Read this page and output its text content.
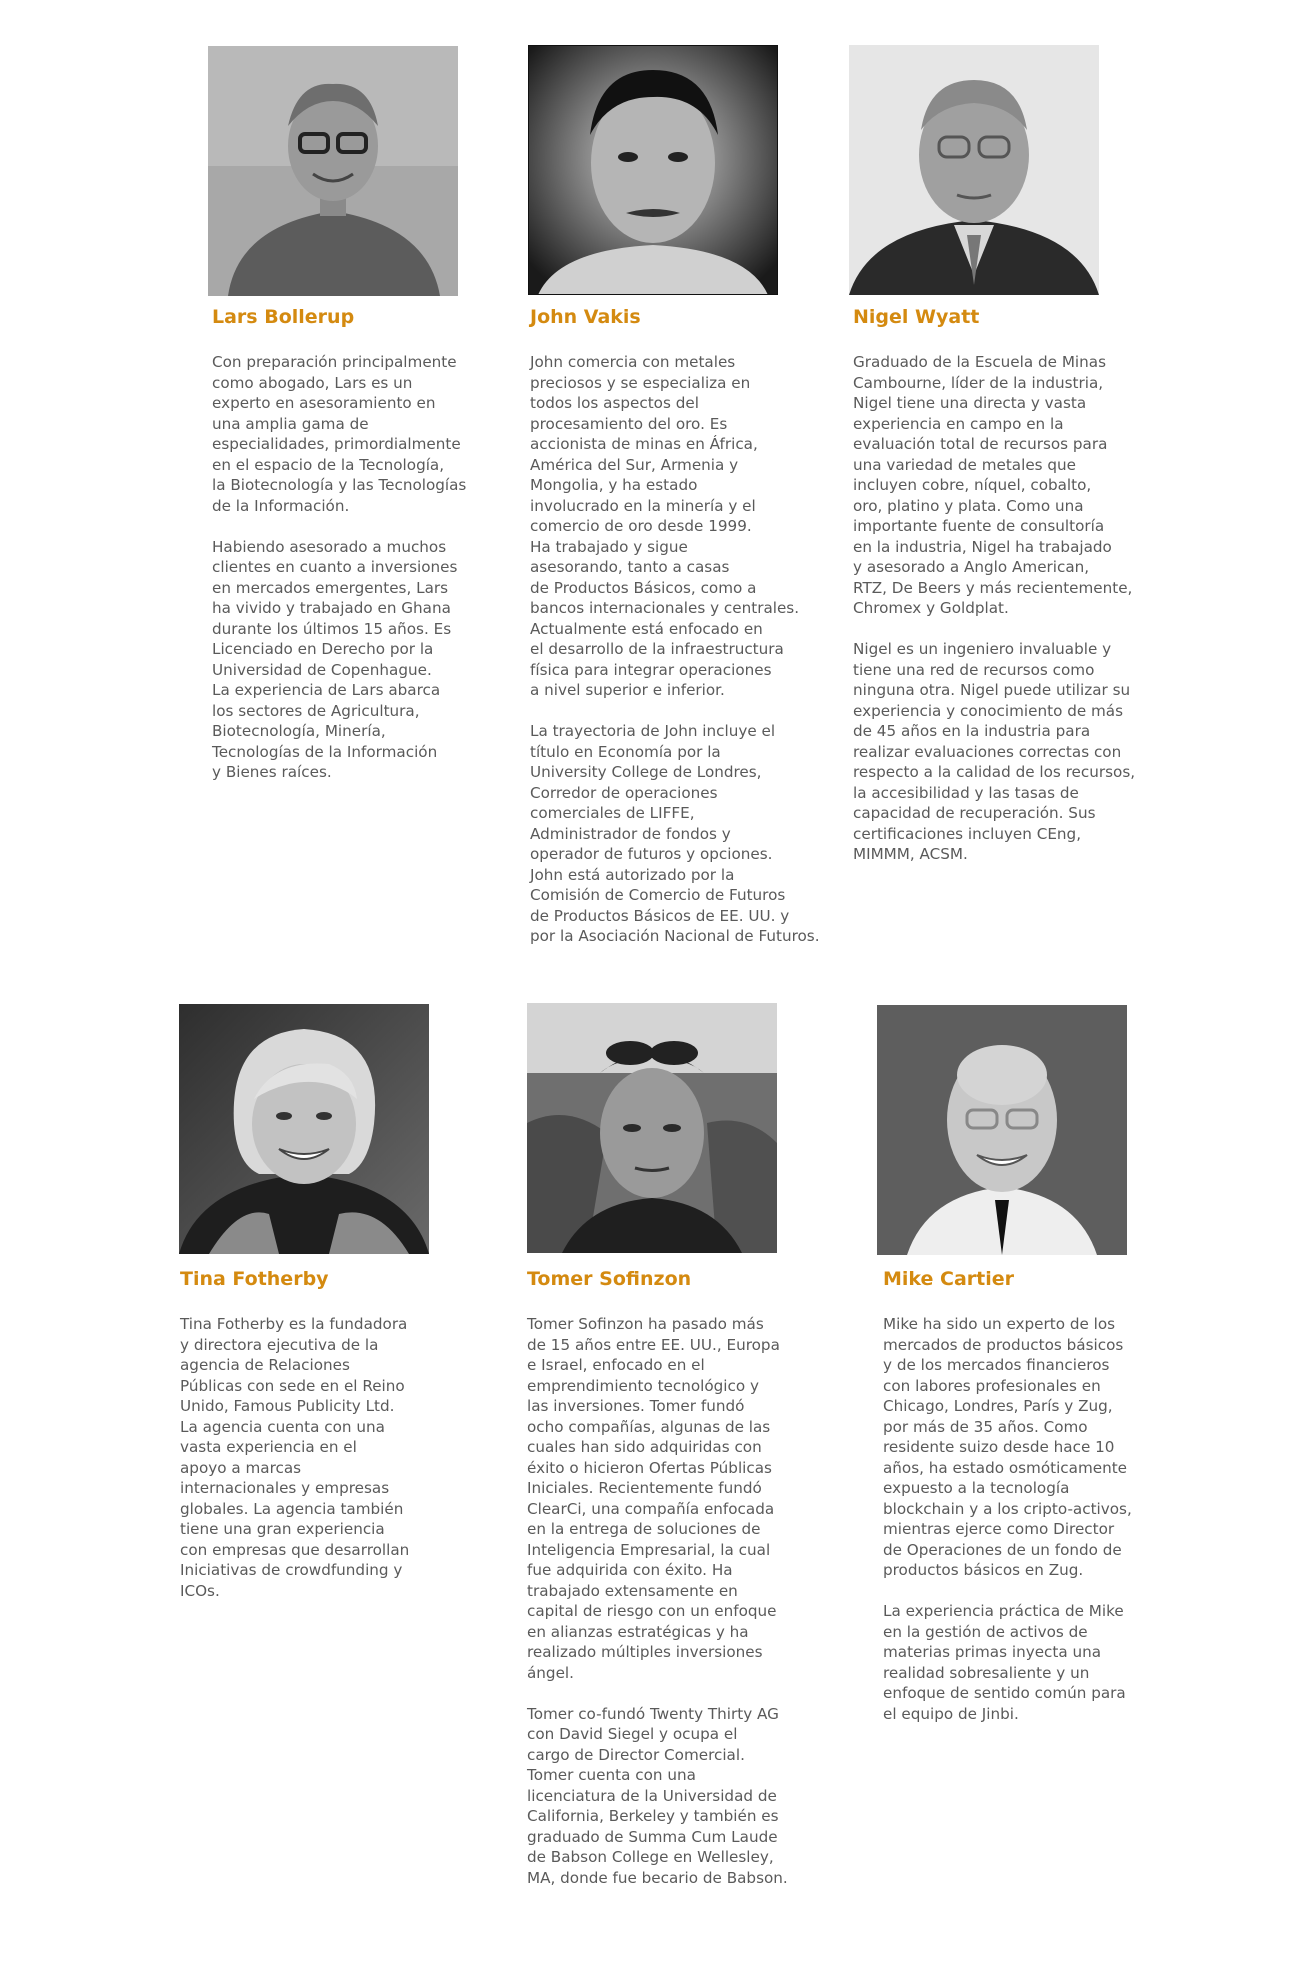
Lars Bollerup

Con preparación principalmente
como abogado, Lars es un
experto en asesoramiento en
una amplia gama de
especialidades, primordialmente
en el espacio de la Tecnología,
la Biotecnología y las Tecnologías
de la Información.

Habiendo asesorado a muchos
clientes en cuanto a inversiones
en mercados emergentes, Lars
ha vivido y trabajado en Ghana
durante los últimos 15 años. Es
Licenciado en Derecho por la
Universidad de Copenhague.
La experiencia de Lars abarca
los sectores de Agricultura,
Biotecnología, Minería,
Tecnologías de la Información
y Bienes raíces.

John Vakis

John comercia con metales
preciosos y se especializa en
todos los aspectos del
procesamiento del oro. Es
accionista de minas en África,
América del Sur, Armenia y
Mongolia, y ha estado
involucrado en la minería y el
comercio de oro desde 1999.
Ha trabajado y sigue
asesorando, tanto a casas
de Productos Básicos, como a
bancos internacionales y centrales.
Actualmente está enfocado en
el desarrollo de la infraestructura
física para integrar operaciones
a nivel superior e inferior.

La trayectoria de John incluye el
título en Economía por la
University College de Londres,
Corredor de operaciones
comerciales de LIFFE,
Administrador de fondos y
operador de futuros y opciones.
John está autorizado por la
Comisión de Comercio de Futuros
de Productos Básicos de EE. UU. y
por la Asociación Nacional de Futuros.

Nigel Wyatt

Graduado de la Escuela de Minas
Cambourne, líder de la industria,
Nigel tiene una directa y vasta
experiencia en campo en la
evaluación total de recursos para
una variedad de metales que
incluyen cobre, níquel, cobalto,
oro, platino y plata. Como una
importante fuente de consultoría
en la industria, Nigel ha trabajado
y asesorado a Anglo American,
RTZ, De Beers y más recientemente,
Chromex y Goldplat.

Nigel es un ingeniero invaluable y
tiene una red de recursos como
ninguna otra. Nigel puede utilizar su
experiencia y conocimiento de más
de 45 años en la industria para
realizar evaluaciones correctas con
respecto a la calidad de los recursos,
la accesibilidad y las tasas de
capacidad de recuperación. Sus
certificaciones incluyen CEng,
MIMMM, ACSM.

Tina Fotherby

Tina Fotherby es la fundadora
y directora ejecutiva de la
agencia de Relaciones
Públicas con sede en el Reino
Unido, Famous Publicity Ltd.
La agencia cuenta con una
vasta experiencia en el
apoyo a marcas
internacionales y empresas
globales. La agencia también
tiene una gran experiencia
con empresas que desarrollan
Iniciativas de crowdfunding y
ICOs.

Tomer Sofinzon

Tomer Sofinzon ha pasado más
de 15 años entre EE. UU., Europa
e Israel, enfocado en el
emprendimiento tecnológico y
las inversiones. Tomer fundó
ocho compañías, algunas de las
cuales han sido adquiridas con
éxito o hicieron Ofertas Públicas
Iniciales. Recientemente fundó
ClearCi, una compañía enfocada
en la entrega de soluciones de
Inteligencia Empresarial, la cual
fue adquirida con éxito. Ha
trabajado extensamente en
capital de riesgo con un enfoque
en alianzas estratégicas y ha
realizado múltiples inversiones
ángel.

Tomer co-fundó Twenty Thirty AG
con David Siegel y ocupa el
cargo de Director Comercial.
Tomer cuenta con una
licenciatura de la Universidad de
California, Berkeley y también es
graduado de Summa Cum Laude
de Babson College en Wellesley,
MA, donde fue becario de Babson.

Mike Cartier

Mike ha sido un experto de los
mercados de productos básicos
y de los mercados financieros
con labores profesionales en
Chicago, Londres, París y Zug,
por más de 35 años. Como
residente suizo desde hace 10
años, ha estado osmóticamente
expuesto a la tecnología
blockchain y a los cripto-activos,
mientras ejerce como Director
de Operaciones de un fondo de
productos básicos en Zug.

La experiencia práctica de Mike
en la gestión de activos de
materias primas inyecta una
realidad sobresaliente y un
enfoque de sentido común para
el equipo de Jinbi.
